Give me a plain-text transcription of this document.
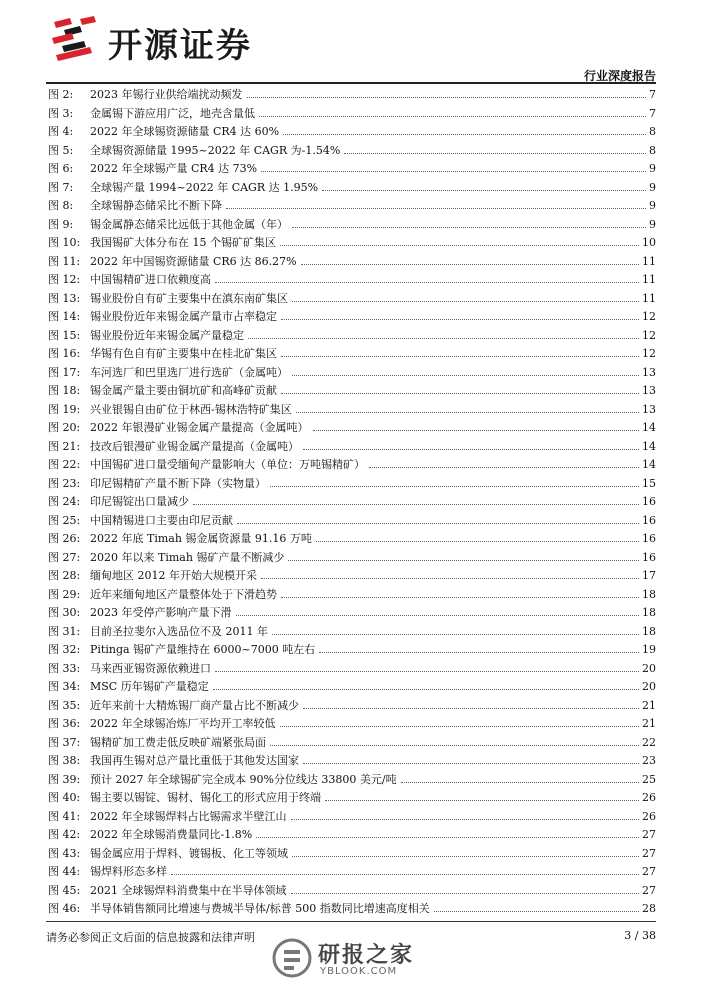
开源证券
行业深度报告
图 2:	2023 年锡行业供给端扰动频发	7
图 3:	金属锡下游应用广泛，地壳含量低	7
图 4:	2022 年全球锡资源储量 CR4 达 60%	8
图 5:	全球锡资源储量 1995~2022 年 CAGR 为-1.54%	8
图 6:	2022 年全球锡产量 CR4 达 73%	9
图 7:	全球锡产量 1994~2022 年 CAGR 达 1.95%	9
图 8:	全球锡静态储采比不断下降	9
图 9:	锡金属静态储采比远低于其他金属（年）	9
图 10: 我国锡矿大体分布在 15 个锡矿矿集区	10
图 11: 2022 年中国锡资源储量 CR6 达 86.27%	11
图 12: 中国锡精矿进口依赖度高	11
图 13: 锡业股份自有矿主要集中在滇东南矿集区	11
图 14: 锡业股份近年来锡金属产量市占率稳定	12
图 15: 锡业股份近年来锡金属产量稳定	12
图 16: 华锡有色自有矿主要集中在桂北矿集区	12
图 17: 车河选厂和巴里选厂进行选矿（金属吨）	13
图 18: 锡金属产量主要由铜坑矿和高峰矿贡献	13
图 19: 兴业银锡自由矿位于林西-锡林浩特矿集区	13
图 20: 2022 年银漫矿业锡金属产量提高（金属吨）	14
图 21: 技改后银漫矿业锡金属产量提高（金属吨）	14
图 22: 中国锡矿进口量受缅甸产量影响大（单位：万吨锡精矿）	14
图 23: 印尼锡精矿产量不断下降（实物量）	15
图 24: 印尼锡锭出口量减少	16
图 25: 中国精锡进口主要由印尼贡献	16
图 26: 2022 年底 Timah 锡金属资源量 91.16 万吨	16
图 27: 2020 年以来 Timah 锡矿产量不断减少	16
图 28: 缅甸地区 2012 年开始大规模开采	17
图 29: 近年来缅甸地区产量整体处于下滑趋势	18
图 30: 2023 年受停产影响产量下滑	18
图 31: 目前圣拉斐尔入选品位不及 2011 年	18
图 32: Pitinga 锡矿产量维持在 6000~7000 吨左右	19
图 33: 马来西亚锡资源依赖进口	20
图 34: MSC 历年锡矿产量稳定	20
图 35: 近年来前十大精炼锡厂商产量占比不断减少	21
图 36: 2022 年全球锡冶炼厂平均开工率较低	21
图 37: 锡精矿加工费走低反映矿端紧张局面	22
图 38: 我国再生锡对总产量比重低于其他发达国家	23
图 39: 预计 2027 年全球锡矿完全成本 90%分位线达 33800 美元/吨	25
图 40: 锡主要以锡锭、锡材、锡化工的形式应用于终端	26
图 41: 2022 年全球锡焊料占比锡需求半壁江山	26
图 42: 2022 年全球锡消费量同比-1.8%	27
图 43: 锡金属应用于焊料、镀锡板、化工等领域	27
图 44: 锡焊料形态多样	27
图 45: 2021 全球锡焊料消费集中在半导体领域	27
图 46: 半导体销售额同比增速与费城半导体/标普 500 指数同比增速高度相关	28
请务必参阅正文后面的信息披露和法律声明	3 / 38
研报之家
YBLOOK.COM
